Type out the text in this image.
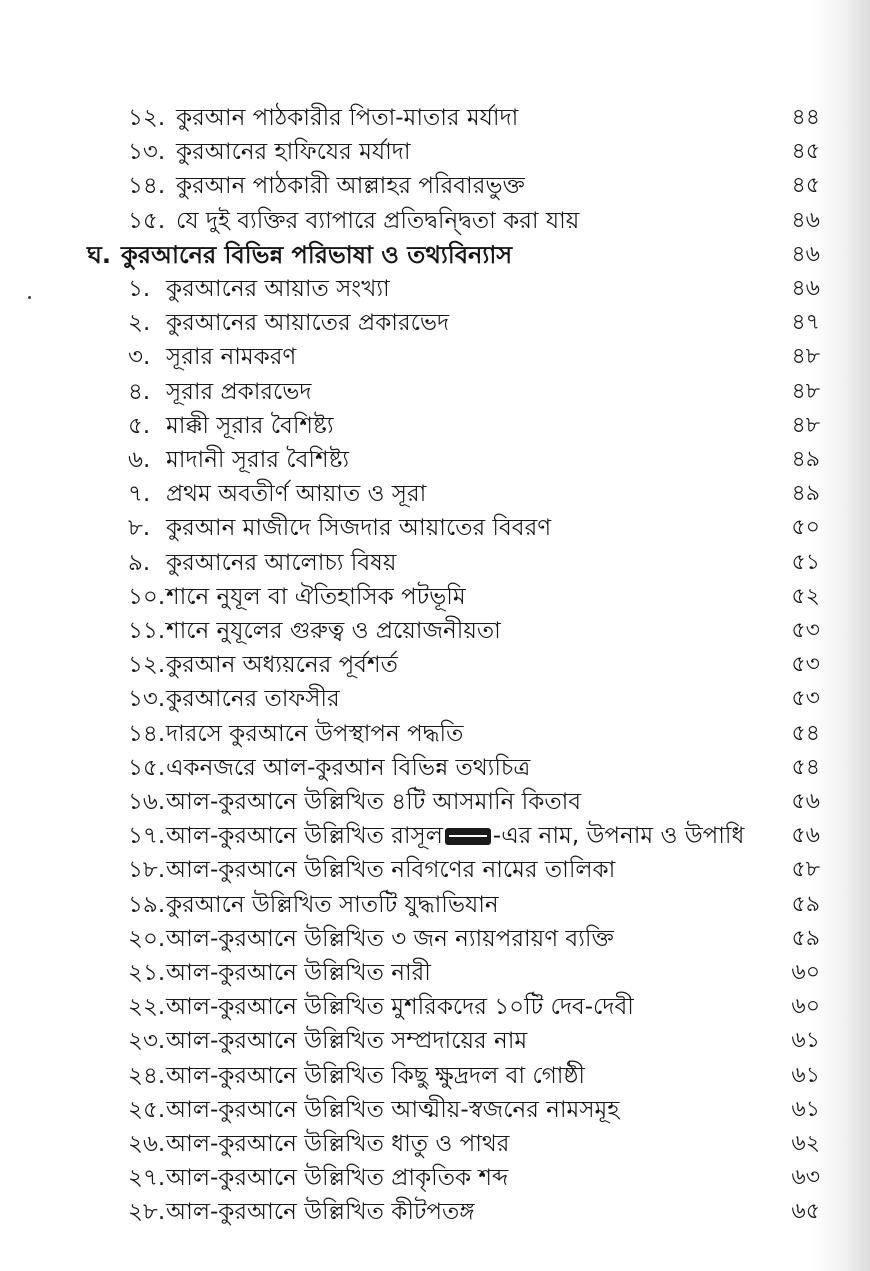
১২. কুরআন পাঠকারীর পিতা-মাতার মর্যাদা	৪৪
১৩. কুরআনের হাফিযের মর্যাদা	৪৫
১৪. কুরআন পাঠকারী আল্লাহর পরিবারভুক্ত	৪৫
১৫. যে দুই ব্যক্তির ব্যাপারে প্রতিদ্বন্দ্বিতা করা যায়	৪৬
ঘ. কুরআনের বিভিন্ন পরিভাষা ও তথ্যবিন্যাস	৪৬
১. কুরআনের আয়াত সংখ্যা	৪৬
২. কুরআনের আয়াতের প্রকারভেদ	৪৭
৩. সূরার নামকরণ	৪৮
৪. সূরার প্রকারভেদ	৪৮
৫. মাক্কী সূরার বৈশিষ্ট্য	৪৮
৬. মাদানী সূরার বৈশিষ্ট্য	৪৯
৭. প্রথম অবতীর্ণ আয়াত ও সূরা	৪৯
৮. কুরআন মাজীদে সিজদার আয়াতের বিবরণ	৫০
৯. কুরআনের আলোচ্য বিষয়	৫১
১০. শানে নুযূল বা ঐতিহাসিক পটভূমি	৫২
১১. শানে নুযূলের গুরুত্ব ও প্রয়োজনীয়তা	৫৩
১২. কুরআন অধ্যয়নের পূর্বশর্ত	৫৩
১৩. কুরআনের তাফসীর	৫৩
১৪. দারসে কুরআনে উপস্থাপন পদ্ধতি	৫৪
১৫. একনজরে আল-কুরআন বিভিন্ন তথ্যচিত্র	৫৪
১৬. আল-কুরআনে উল্লিখিত ৪টি আসমানি কিতাব	৫৬
১৭. আল-কুরআনে উল্লিখিত রাসূল -এর নাম, উপনাম ও উপাধি	৫৬
১৮. আল-কুরআনে উল্লিখিত নবিগণের নামের তালিকা	৫৮
১৯. কুরআনে উল্লিখিত সাতটি যুদ্ধাভিযান	৫৯
২০. আল-কুরআনে উল্লিখিত ৩ জন ন্যায়পরায়ণ ব্যক্তি	৫৯
২১. আল-কুরআনে উল্লিখিত নারী	৬০
২২. আল-কুরআনে উল্লিখিত মুশরিকদের ১০টি দেব-দেবী	৬০
২৩. আল-কুরআনে উল্লিখিত সম্প্রদায়ের নাম	৬১
২৪. আল-কুরআনে উল্লিখিত কিছু ক্ষুদ্রদল বা গোষ্ঠী	৬১
২৫. আল-কুরআনে উল্লিখিত আত্মীয়-স্বজনের নামসমূহ	৬১
২৬. আল-কুরআনে উল্লিখিত ধাতু ও পাথর	৬২
২৭. আল-কুরআনে উল্লিখিত প্রাকৃতিক শব্দ	৬৩
২৮. আল-কুরআনে উল্লিখিত কীটপতঙ্গ	৬৫
